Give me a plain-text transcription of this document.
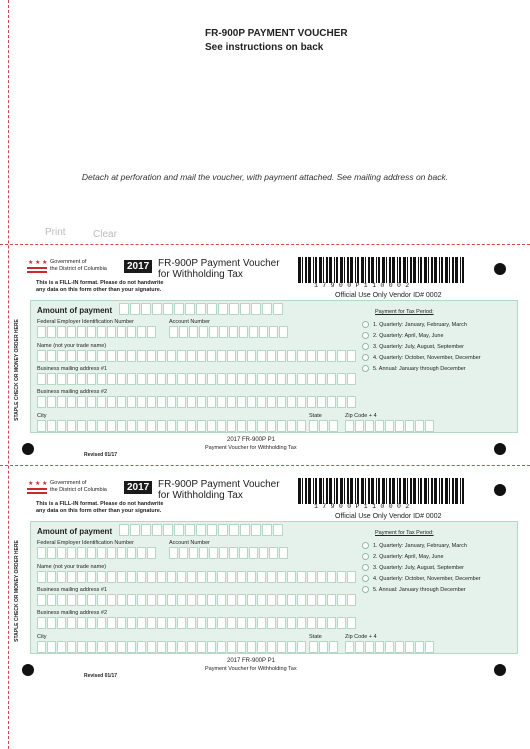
FR-900P PAYMENT VOUCHER
See instructions on back
Detach at perforation and mail the voucher, with payment attached. See mailing address on back.
Print	Clear
STAPLE CHECK OR MONEY ORDER HERE
★ ★ ★ Government of
the District of Columbia	2017 FR-900P Payment Voucher
for Withholding Tax
17900P110002
This is a FILL-IN format. Please do not handwrite
any data on this form other than your signature.
Official Use Only Vendor ID# 0002
Amount of payment
Federal Employer Identification Number	Account Number
Name (not your trade name)
Business mailing address #1
Business mailing address #2
City	State	Zip Code + 4
Payment for Tax Period:
1. Quarterly: January, February, March
2. Quarterly: April, May, June
3. Quarterly: July, August, September
4. Quarterly: October, November, December
5. Annual: January through December
2017 FR-900P P1
Payment Voucher for Withholding Tax
Revised 01/17
STAPLE CHECK OR MONEY ORDER HERE
★ ★ ★ Government of
the District of Columbia	2017 FR-900P Payment Voucher
for Withholding Tax
17900P110002
This is a FILL-IN format. Please do not handwrite
any data on this form other than your signature.
Official Use Only Vendor ID# 0002
Amount of payment
Federal Employer Identification Number	Account Number
Name (not your trade name)
Business mailing address #1
Business mailing address #2
City	State	Zip Code + 4
Payment for Tax Period:
1. Quarterly: January, February, March
2. Quarterly: April, May, June
3. Quarterly: July, August, September
4. Quarterly: October, November, December
5. Annual: January through December
2017 FR-900P P1
Payment Voucher for Withholding Tax
Revised 01/17
